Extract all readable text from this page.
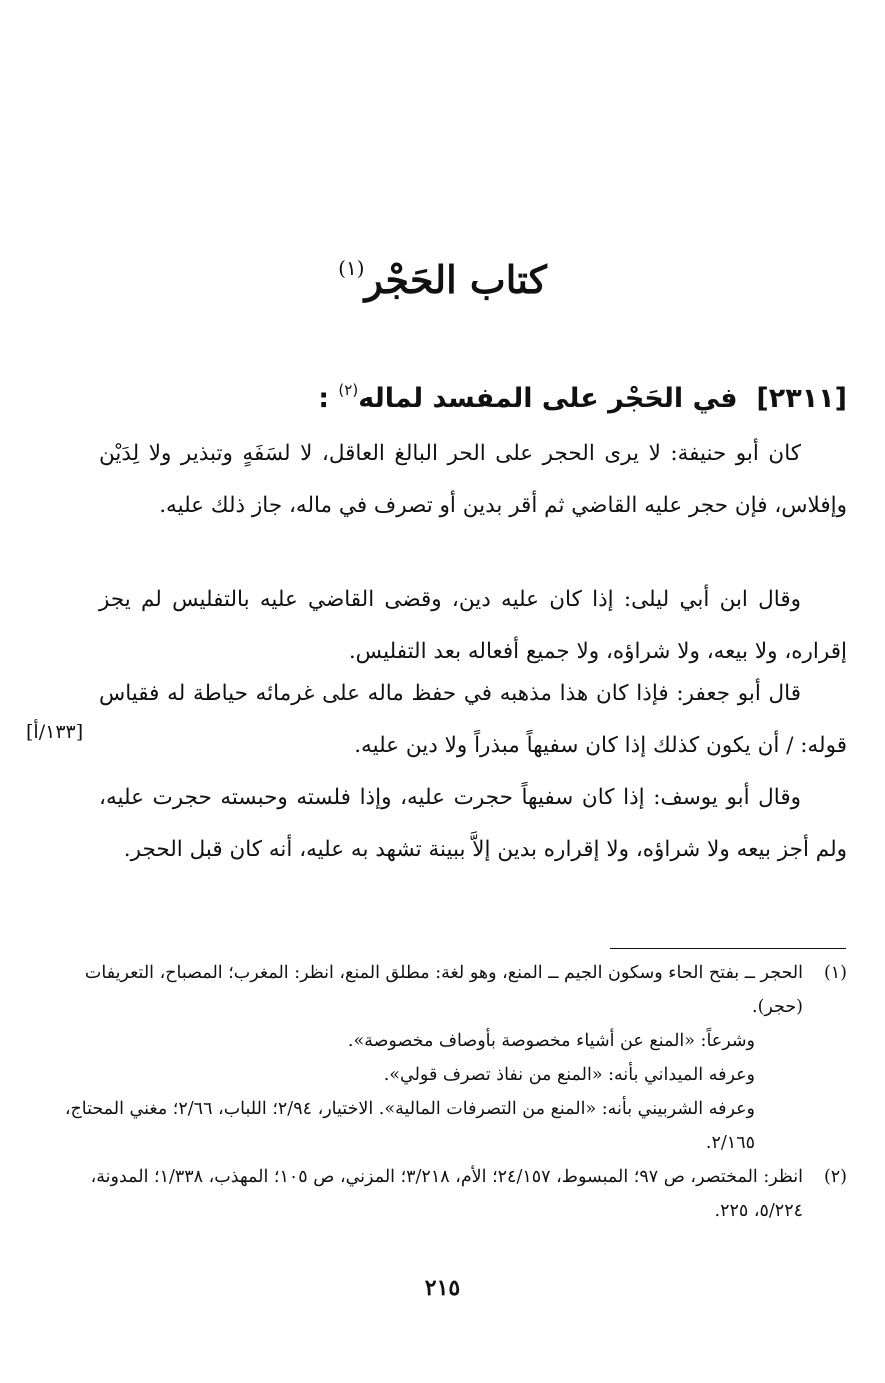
كتاب الحَجْر$^{(١)}$
[٢٣١١]  في الحَجْر على المفسد لماله$^{(٢)}$ :
كان أبو حنيفة: لا يرى الحجر على الحر البالغ العاقل، لا لسَفَهٍ وتبذير ولا لِدَيْن وإفلاس، فإن حجر عليه القاضي ثم أقر بدين أو تصرف في ماله، جاز ذلك عليه.
وقال ابن أبي ليلى: إذا كان عليه دين، وقضى القاضي عليه بالتفليس لم يجز إقراره، ولا بيعه، ولا شراؤه، ولا جميع أفعاله بعد التفليس.
قال أبو جعفر: فإذا كان هذا مذهبه في حفظ ماله على غرمائه حياطة له فقياس قوله: / أن يكون كذلك إذا كان سفيهاً مبذراً ولا دين عليه.
[١٣٣/أ]
وقال أبو يوسف: إذا كان سفيهاً حجرت عليه، وإذا فلسته وحبسته حجرت عليه، ولم أجز بيعه ولا شراؤه، ولا إقراره بدين إلاَّ ببينة تشهد به عليه، أنه كان قبل الحجر.
(١)
الحجر ــ بفتح الحاء وسكون الجيم ــ المنع، وهو لغة: مطلق المنع، انظر: المغرب؛ المصباح، التعريفات (حجر).
وشرعاً: «المنع عن أشياء مخصوصة بأوصاف مخصوصة».
وعرفه الميداني بأنه: «المنع من نفاذ تصرف قولي».
وعرفه الشربيني بأنه: «المنع من التصرفات المالية». الاختيار، ٢/٩٤؛ اللباب، ٢/٦٦؛ مغني المحتاج، ٢/١٦٥.
(٢)
انظر: المختصر، ص ٩٧؛ المبسوط، ٢٤/١٥٧؛ الأم، ٣/٢١٨؛ المزني، ص ١٠٥؛ المهذب، ١/٣٣٨؛ المدونة، ٥/٢٢٤، ٢٢٥.
٢١٥
